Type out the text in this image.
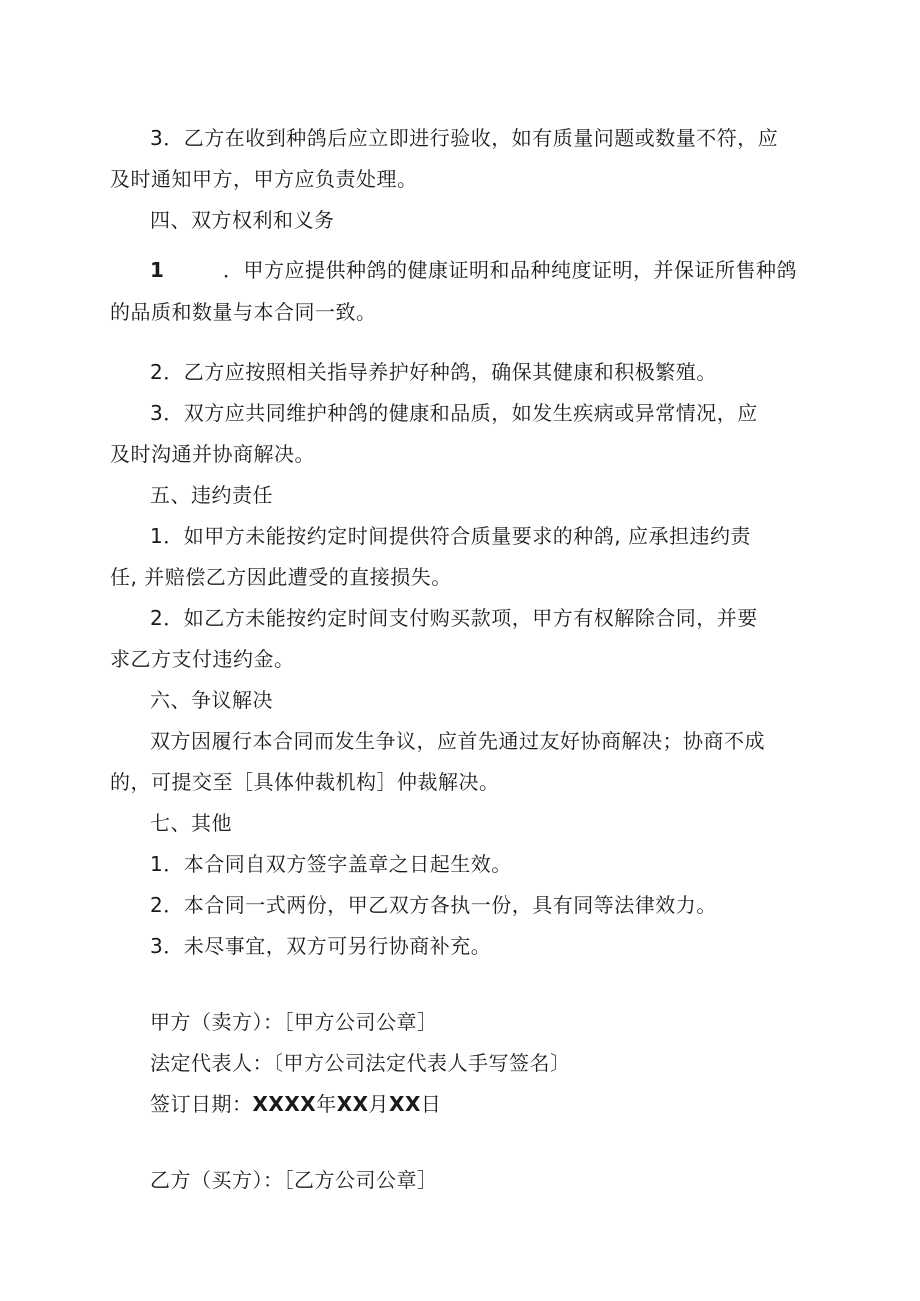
3．乙方在收到种鸽后应立即进行验收，如有质量问题或数量不符，应
及时通知甲方，甲方应负责处理。
四、双方权利和义务
1	．甲方应提供种鸽的健康证明和品种纯度证明，并保证所售种鸽
的品质和数量与本合同一致。
2．乙方应按照相关指导养护好种鸽，确保其健康和积极繁殖。
3．双方应共同维护种鸽的健康和品质，如发生疾病或异常情况，应
及时沟通并协商解决。
五、违约责任
1．如甲方未能按约定时间提供符合质量要求的种鸽, 应承担违约责
任, 并赔偿乙方因此遭受的直接损失。
2．如乙方未能按约定时间支付购买款项，甲方有权解除合同，并要
求乙方支付违约金。
六、争议解决
双方因履行本合同而发生争议，应首先通过友好协商解决；协商不成
的，可提交至［具体仲裁机构］仲裁解决。
七、其他
1．本合同自双方签字盖章之日起生效。
2．本合同一式两份，甲乙双方各执一份，具有同等法律效力。
3．未尽事宜，双方可另行协商补充。
甲方（卖方）：［甲方公司公章］
法定代表人：〔甲方公司法定代表人手写签名〕
签订日期：XXXX年XX月XX日
乙方（买方）：［乙方公司公章］
